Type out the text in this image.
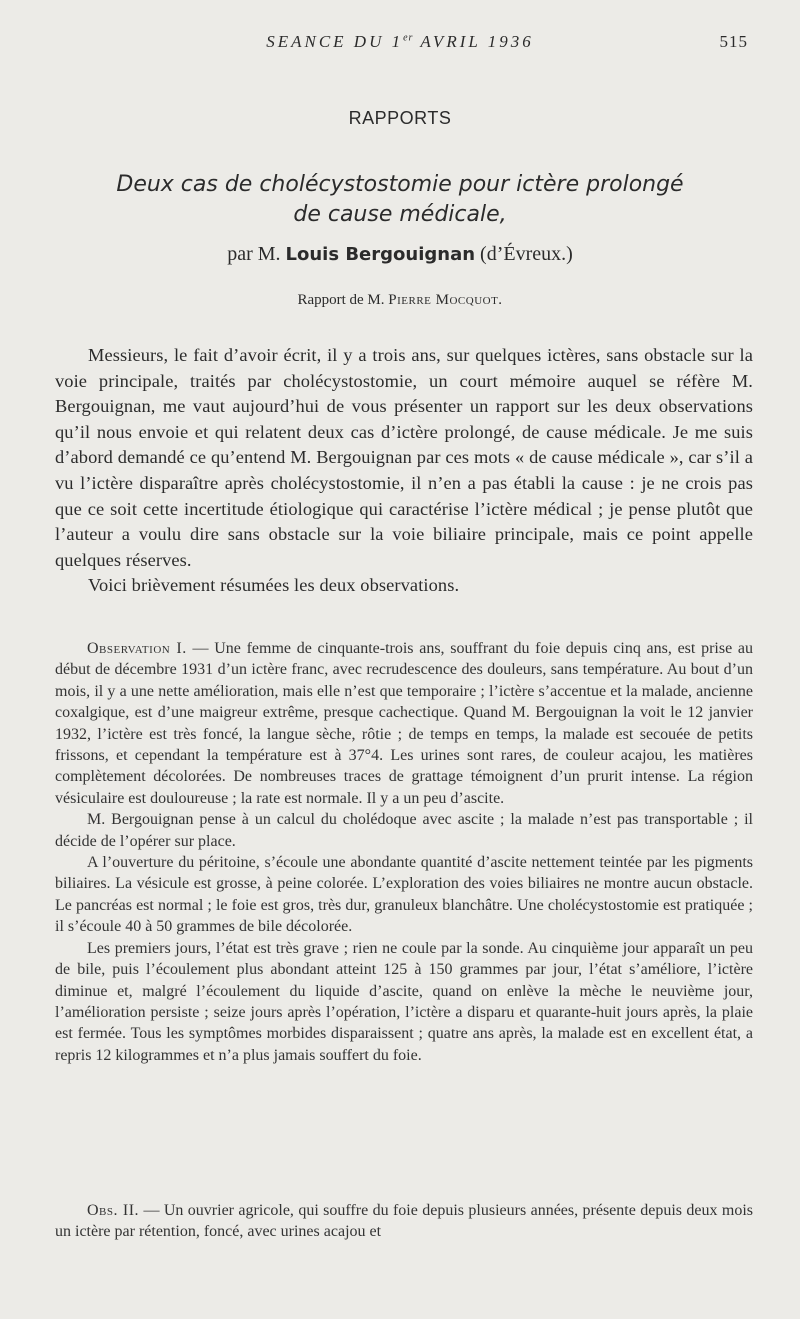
SEANCE DU 1er AVRIL 1936	515
RAPPORTS
Deux cas de cholécystostomie pour ictère prolongé
de cause médicale,
par M. Louis Bergouignan (d’Évreux.)
Rapport de M. Pierre Mocquot.

Messieurs, le fait d’avoir écrit, il y a trois ans, sur quelques ictères, sans obstacle sur la voie principale, traités par cholécystostomie, un court mémoire auquel se réfère M. Bergouignan, me vaut aujourd’hui de vous présenter un rapport sur les deux observations qu’il nous envoie et qui relatent deux cas d’ictère prolongé, de cause médicale. Je me suis d’abord demandé ce qu’entend M. Bergouignan par ces mots « de cause médicale », car s’il a vu l’ictère disparaître après cholécystostomie, il n’en a pas établi la cause : je ne crois pas que ce soit cette incertitude étiologique qui caractérise l’ictère médical ; je pense plutôt que l’auteur a voulu dire sans obstacle sur la voie biliaire principale, mais ce point appelle quelques réserves.

Voici brièvement résumées les deux observations.

Observation I. — Une femme de cinquante-trois ans, souffrant du foie depuis cinq ans, est prise au début de décembre 1931 d’un ictère franc, avec recrudescence des douleurs, sans température. Au bout d’un mois, il y a une nette amélioration, mais elle n’est que temporaire ; l’ictère s’accentue et la malade, ancienne coxalgique, est d’une maigreur extrême, presque cachectique. Quand M. Bergouignan la voit le 12 janvier 1932, l’ictère est très foncé, la langue sèche, rôtie ; de temps en temps, la malade est secouée de petits frissons, et cependant la température est à 37°4. Les urines sont rares, de couleur acajou, les matières complètement décolorées. De nombreuses traces de grattage témoignent d’un prurit intense. La région vésiculaire est douloureuse ; la rate est normale. Il y a un peu d’ascite.

M. Bergouignan pense à un calcul du cholédoque avec ascite ; la malade n’est pas transportable ; il décide de l’opérer sur place.

A l’ouverture du péritoine, s’écoule une abondante quantité d’ascite nettement teintée par les pigments biliaires. La vésicule est grosse, à peine colorée. L’exploration des voies biliaires ne montre aucun obstacle. Le pancréas est normal ; le foie est gros, très dur, granuleux blanchâtre. Une cholécystostomie est pratiquée ; il s’écoule 40 à 50 grammes de bile décolorée.

Les premiers jours, l’état est très grave ; rien ne coule par la sonde. Au cinquième jour apparaît un peu de bile, puis l’écoulement plus abondant atteint 125 à 150 grammes par jour, l’état s’améliore, l’ictère diminue et, malgré l’écoulement du liquide d’ascite, quand on enlève la mèche le neuvième jour, l’amélioration persiste ; seize jours après l’opération, l’ictère a disparu et quarante-huit jours après, la plaie est fermée. Tous les symptômes morbides disparaissent ; quatre ans après, la malade est en excellent état, a repris 12 kilogrammes et n’a plus jamais souffert du foie.

Obs. II. — Un ouvrier agricole, qui souffre du foie depuis plusieurs années, présente depuis deux mois un ictère par rétention, foncé, avec urines acajou et
